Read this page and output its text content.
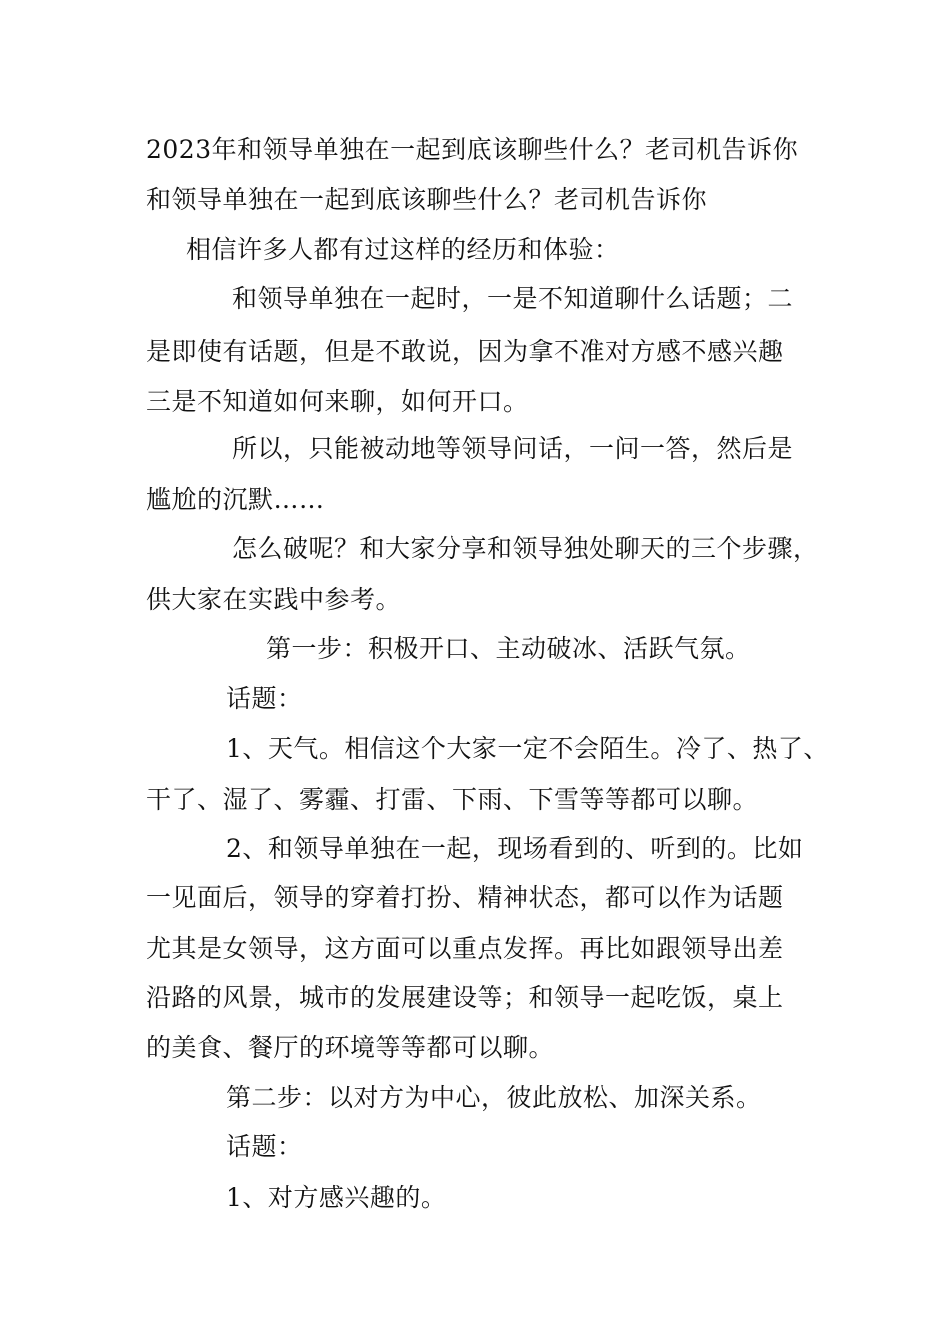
2023年和领导单独在一起到底该聊些什么？老司机告诉你
和领导单独在一起到底该聊些什么？老司机告诉你
相信许多人都有过这样的经历和体验：
和领导单独在一起时，一是不知道聊什么话题；二
是即使有话题，但是不敢说，因为拿不准对方感不感兴趣
三是不知道如何来聊，如何开口。
所以，只能被动地等领导问话，一问一答，然后是
尴尬的沉默……
怎么破呢？和大家分享和领导独处聊天的三个步骤，
供大家在实践中参考。
第一步：积极开口、主动破冰、活跃气氛。
话题：
1、天气。相信这个大家一定不会陌生。冷了、热了、
干了、湿了、雾霾、打雷、下雨、下雪等等都可以聊。
2、和领导单独在一起，现场看到的、听到的。比如
一见面后，领导的穿着打扮、精神状态，都可以作为话题
尤其是女领导，这方面可以重点发挥。再比如跟领导出差
沿路的风景，城市的发展建设等；和领导一起吃饭，桌上
的美食、餐厅的环境等等都可以聊。
第二步：以对方为中心，彼此放松、加深关系。
话题：
1、对方感兴趣的。
